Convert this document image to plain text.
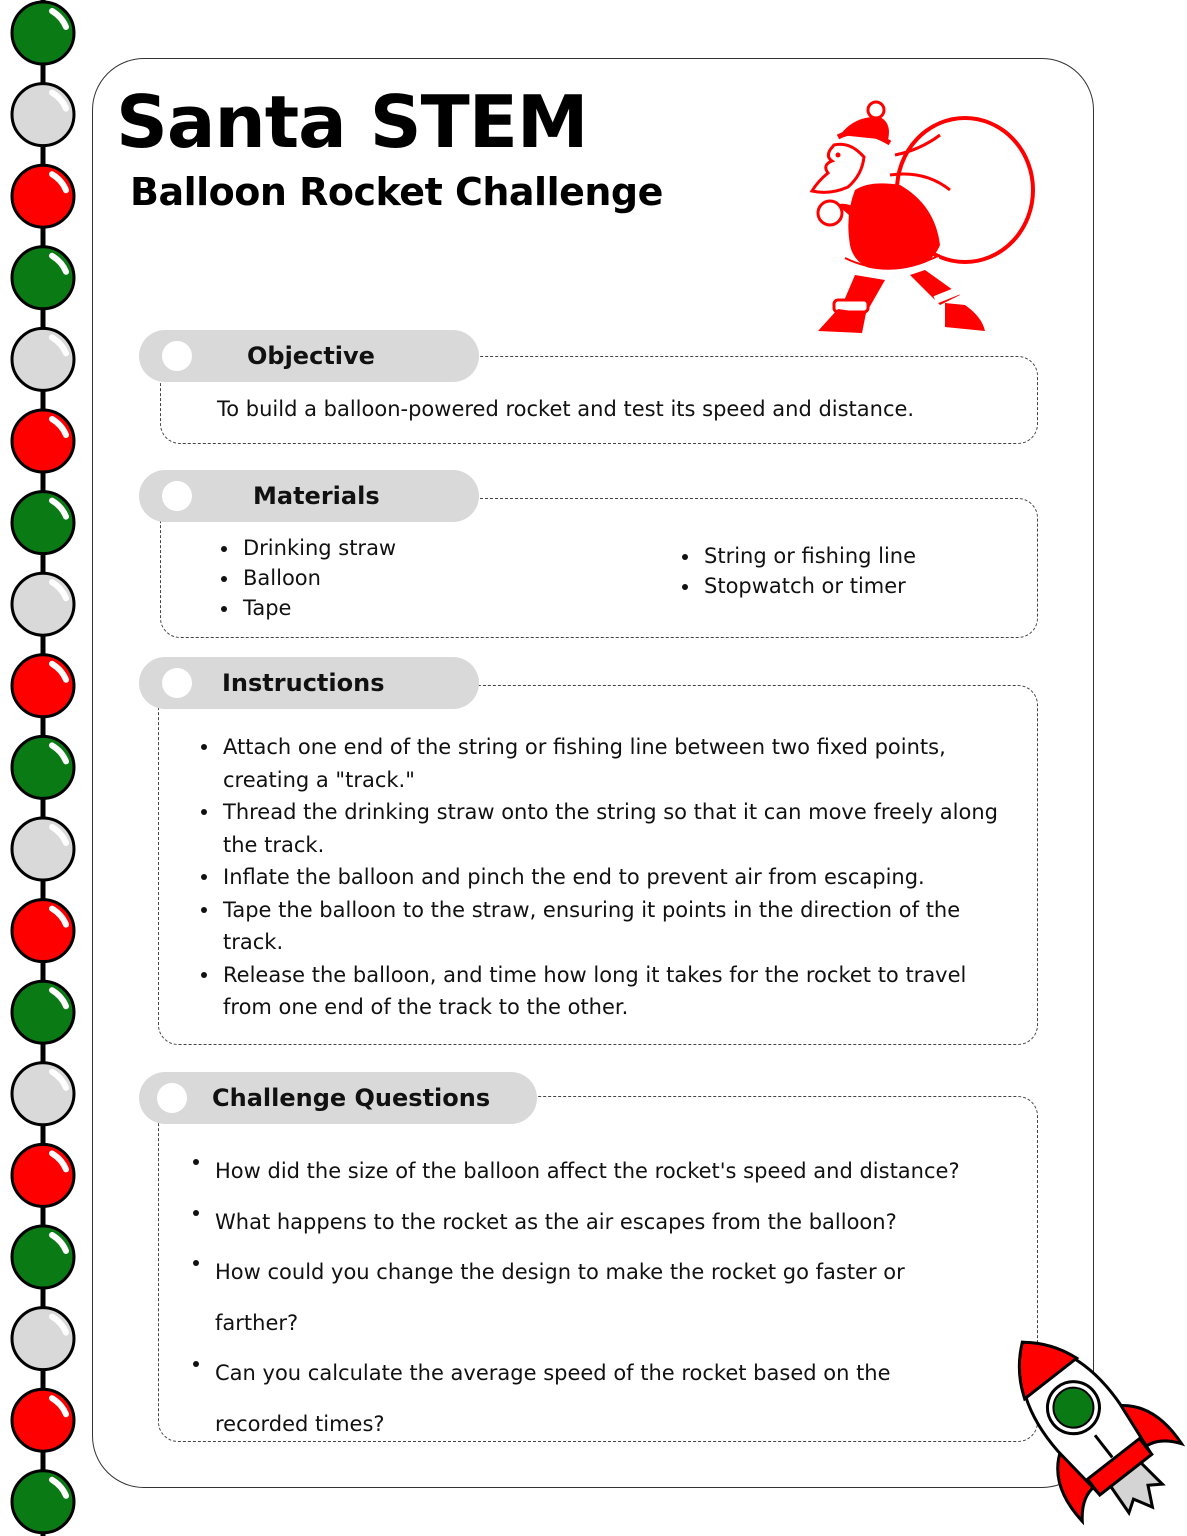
Santa STEM
Balloon Rocket Challenge
Objective
To build a balloon-powered rocket and test its speed and distance.
Materials
Drinking straw
Balloon
Tape
String or fishing line
Stopwatch or timer
Instructions
Attach one end of the string or fishing line between two fixed points, creating a "track."
Thread the drinking straw onto the string so that it can move freely along the track.
Inflate the balloon and pinch the end to prevent air from escaping.
Tape the balloon to the straw, ensuring it points in the direction of the track.
Release the balloon, and time how long it takes for the rocket to travel from one end of the track to the other.
Challenge Questions
How did the size of the balloon affect the rocket's speed and distance?
What happens to the rocket as the air escapes from the balloon?
How could you change the design to make the rocket go faster or farther?
Can you calculate the average speed of the rocket based on the recorded times?
